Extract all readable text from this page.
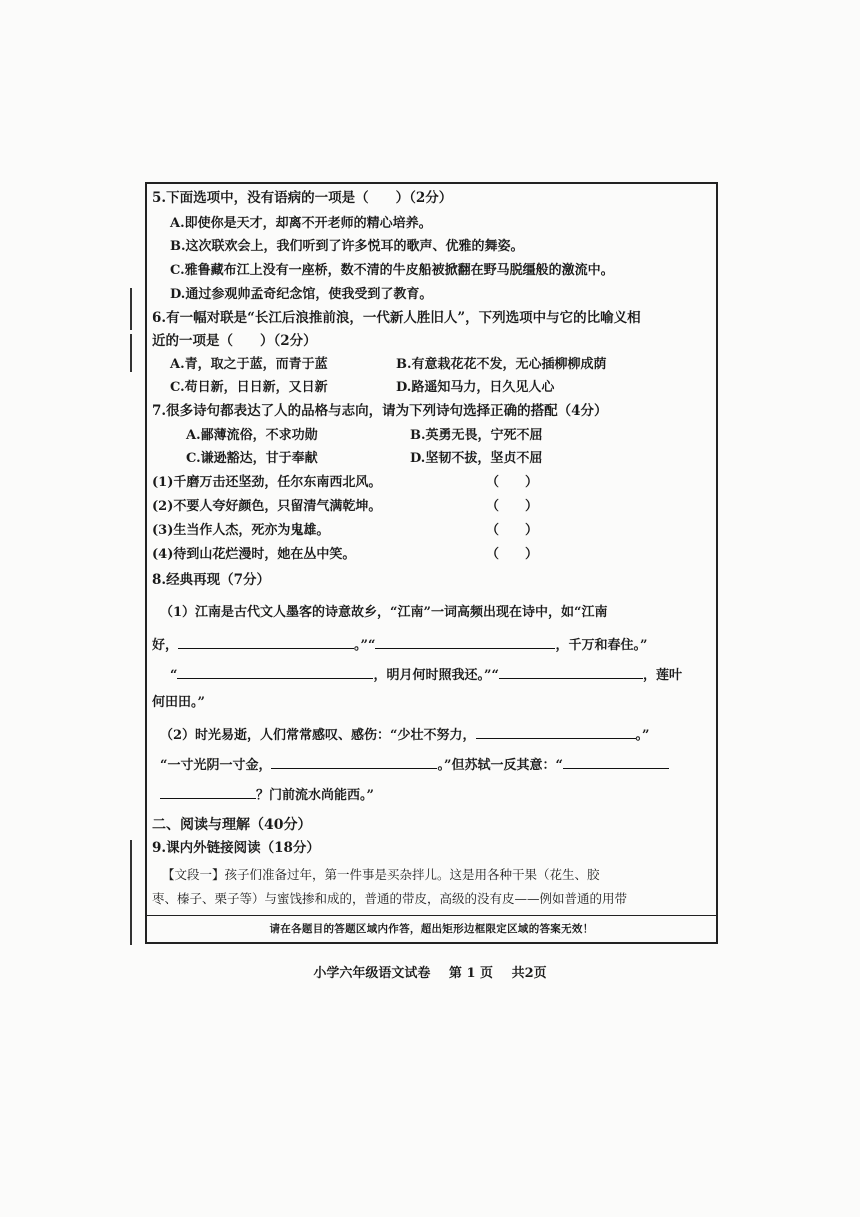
请在各题目的答题区域内作答，超出矩形边框限定区域的答案无效！
5.下面选项中，没有语病的一项是（　　）（2分）
A.即使你是天才，却离不开老师的精心培养。
B.这次联欢会上，我们听到了许多悦耳的歌声、优雅的舞姿。
C.雅鲁藏布江上没有一座桥，数不清的牛皮船被掀翻在野马脱缰般的激流中。
D.通过参观帅孟奇纪念馆，使我受到了教育。
6.有一幅对联是“长江后浪推前浪，一代新人胜旧人”，下列选项中与它的比喻义相
近的一项是（　　）（2分）
A.青，取之于蓝，而青于蓝	B.有意栽花花不发，无心插柳柳成荫
C.苟日新，日日新，又日新	D.路遥知马力，日久见人心
7.很多诗句都表达了人的品格与志向，请为下列诗句选择正确的搭配（4分）
A.鄙薄流俗，不求功勋	B.英勇无畏，宁死不屈
C.谦逊豁达，甘于奉献	D.坚韧不拔，坚贞不屈
(1)千磨万击还坚劲，任尔东南西北风。	（　　）
(2)不要人夸好颜色，只留清气满乾坤。	（　　）
(3)生当作人杰，死亦为鬼雄。	（　　）
(4)待到山花烂漫时，她在丛中笑。	（　　）
8.经典再现（7分）
（1）江南是古代文人墨客的诗意故乡，“江南”一词高频出现在诗中，如“江南
好，	。”“	，千万和春住。”
“	，明月何时照我还。”“	，莲叶
何田田。”
（2）时光易逝，人们常常感叹、感伤：“少壮不努力，	。”
“一寸光阴一寸金，	。”但苏轼一反其意：“
？门前流水尚能西。”
二、阅读与理解（40分）
9.课内外链接阅读（18分）
【文段一】孩子们准备过年，第一件事是买杂拌儿。这是用各种干果（花生、胶
枣、榛子、栗子等）与蜜饯掺和成的，普通的带皮，高级的没有皮——例如普通的用带
小学六年级语文试卷 第 1 页 共2页
